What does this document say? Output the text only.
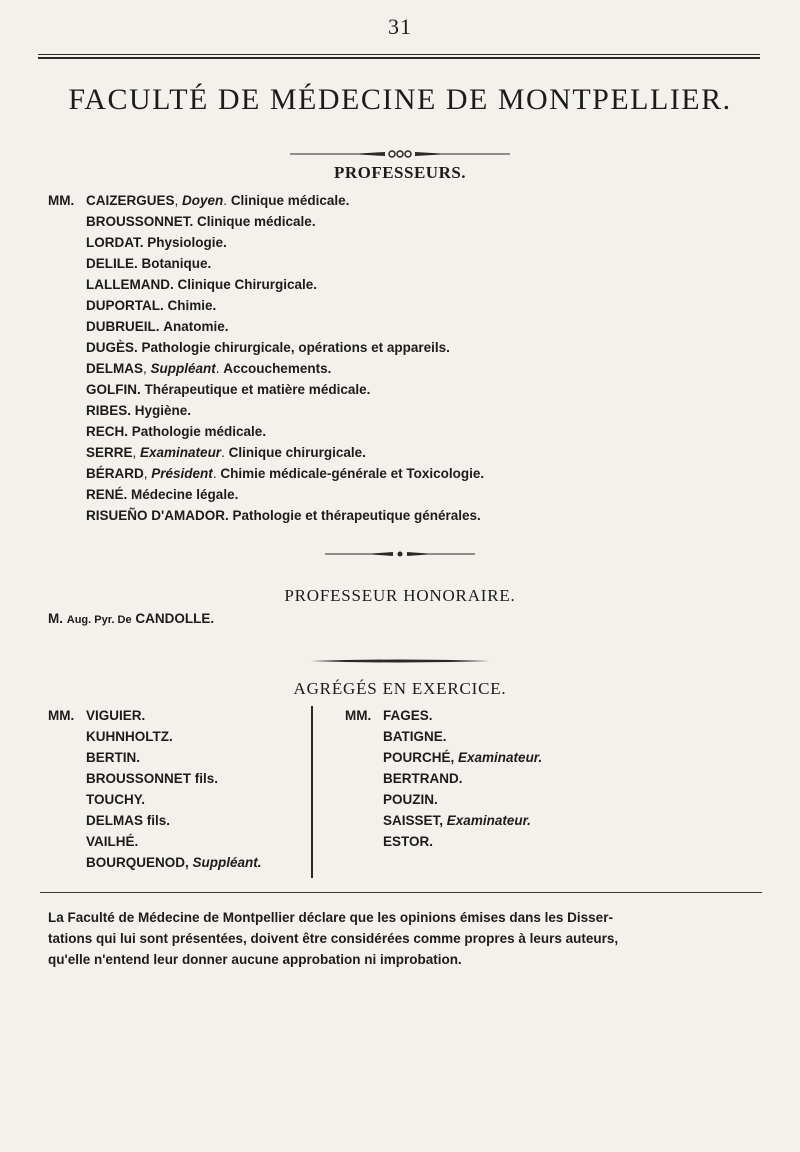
31
FACULTÉ DE MÉDECINE DE MONTPELLIER.
PROFESSEURS.
MM. CAIZERGUES, Doyen. Clinique médicale.
BROUSSONNET. Clinique médicale.
LORDAT. Physiologie.
DELILE. Botanique.
LALLEMAND. Clinique Chirurgicale.
DUPORTAL. Chimie.
DUBRUEIL. Anatomie.
DUGÈS. Pathologie chirurgicale, opérations et appareils.
DELMAS, Suppléant. Accouchements.
GOLFIN. Thérapeutique et matière médicale.
RIBES. Hygiène.
RECH. Pathologie médicale.
SERRE, Examinateur. Clinique chirurgicale.
BÉRARD, Président. Chimie médicale-générale et Toxicologie.
RENÉ. Médecine légale.
RISUEÑO D'AMADOR. Pathologie et thérapeutique générales.
PROFESSEUR HONORAIRE.
M. Aug. Pyr. De CANDOLLE.
AGRÉGÉS EN EXERCICE.
MM. VIGUIER.
KUHNHOLTZ.
BERTIN.
BROUSSONNET fils.
TOUCHY.
DELMAS fils.
VAILHÉ.
BOURQUENOD, Suppléant.
MM. FAGES.
BATIGNE.
POURCHÉ, Examinateur.
BERTRAND.
POUZIN.
SAISSET, Examinateur.
ESTOR.

La Faculté de Médecine de Montpellier déclare que les opinions émises dans les Disser-

tations qui lui sont présentées, doivent être considérées comme propres à leurs auteurs,

qu'elle n'entend leur donner aucune approbation ni improbation.
